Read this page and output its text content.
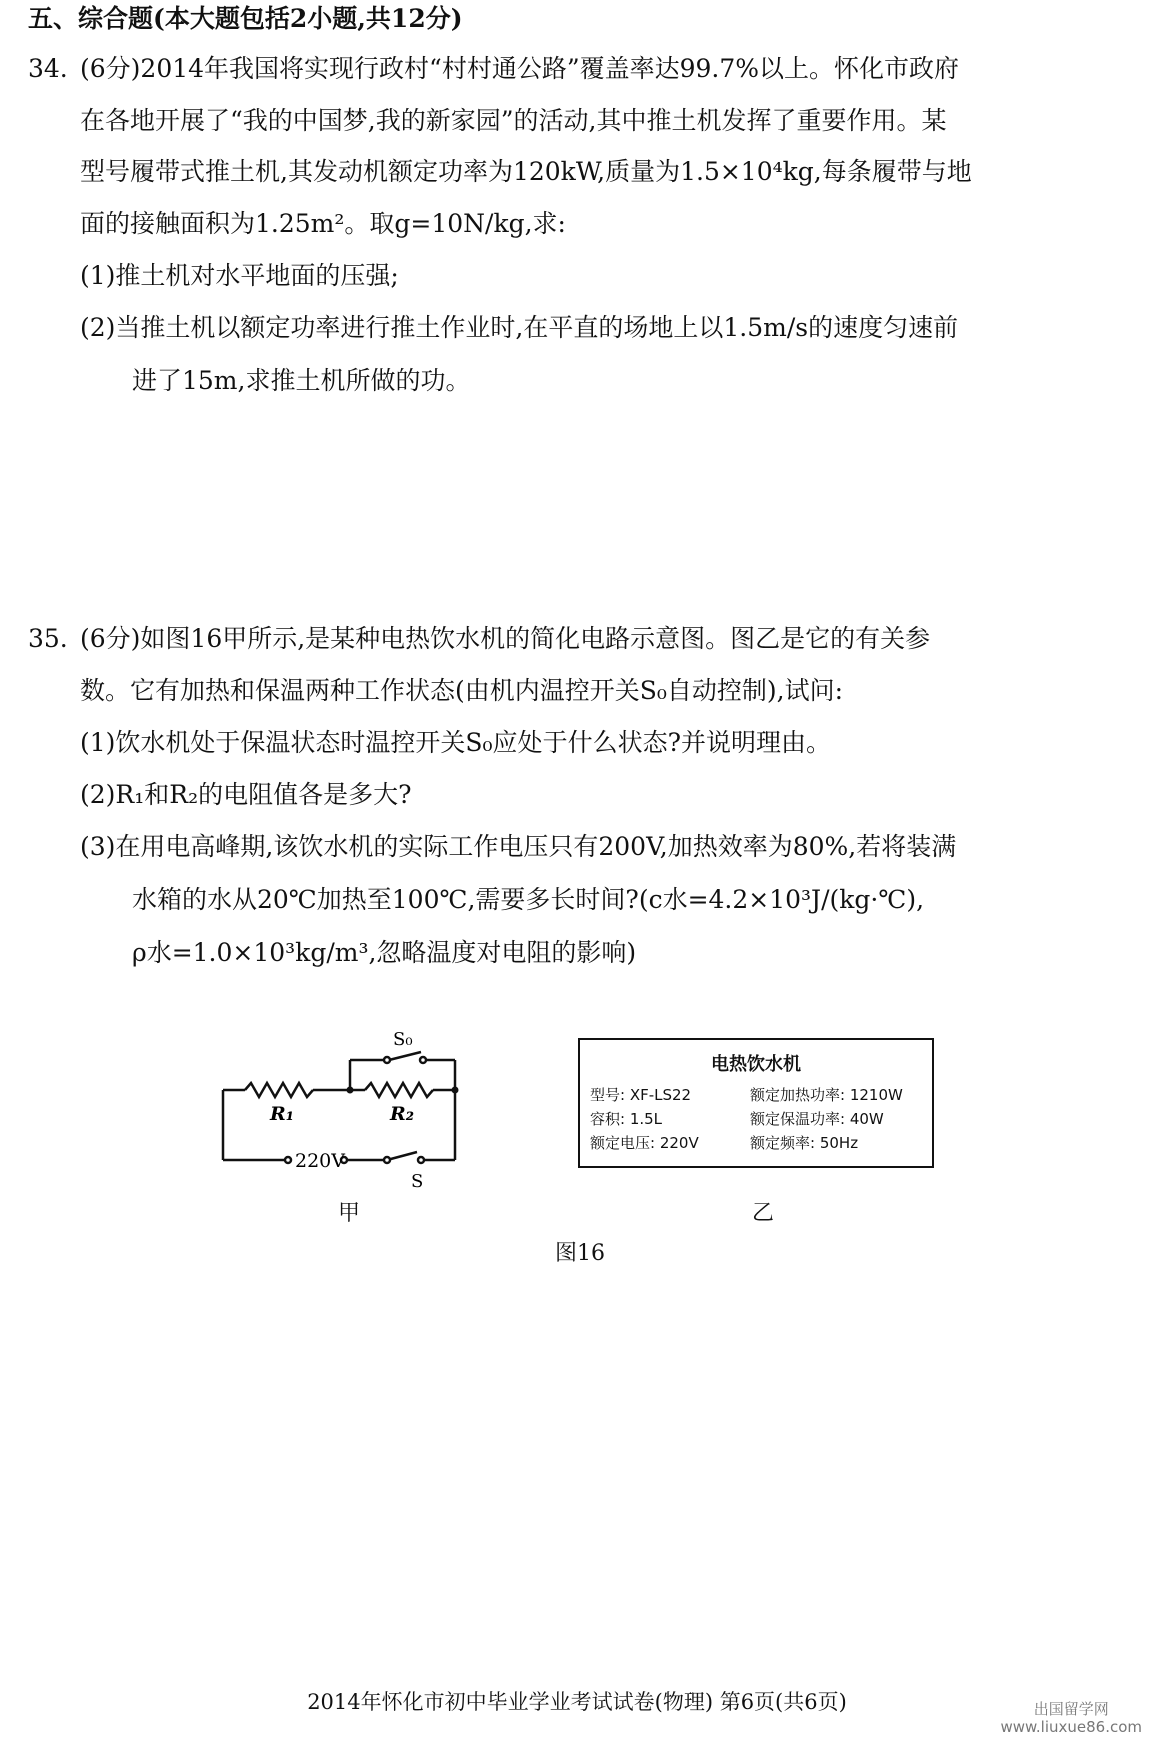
五、综合题(本大题包括2小题,共12分)
34. (6分)2014年我国将实现行政村“村村通公路”覆盖率达99.7%以上。怀化市政府
在各地开展了“我的中国梦,我的新家园”的活动,其中推土机发挥了重要作用。某
型号履带式推土机,其发动机额定功率为120kW,质量为1.5×10⁴kg,每条履带与地
面的接触面积为1.25m²。取g=10N/kg,求:
(1)推土机对水平地面的压强;
(2)当推土机以额定功率进行推土作业时,在平直的场地上以1.5m/s的速度匀速前
进了15m,求推土机所做的功。
35. (6分)如图16甲所示,是某种电热饮水机的简化电路示意图。图乙是它的有关参
数。它有加热和保温两种工作状态(由机内温控开关S₀自动控制),试问:
(1)饮水机处于保温状态时温控开关S₀应处于什么状态?并说明理由。
(2)R₁和R₂的电阻值各是多大?
(3)在用电高峰期,该饮水机的实际工作电压只有200V,加热效率为80%,若将装满
水箱的水从20℃加热至100℃,需要多长时间?(c水=4.2×10³J/(kg·℃),
ρ水=1.0×10³kg/m³,忽略温度对电阻的影响)
S₀
R₁	R₂
220V
S
甲
电热饮水机
型号: XF-LS22	额定加热功率: 1210W
容积: 1.5L	额定保温功率: 40W
额定电压: 220V	额定频率: 50Hz
乙
图16
2014年怀化市初中毕业学业考试试卷(物理) 第6页(共6页)	出国留学网
www.liuxue86.com
